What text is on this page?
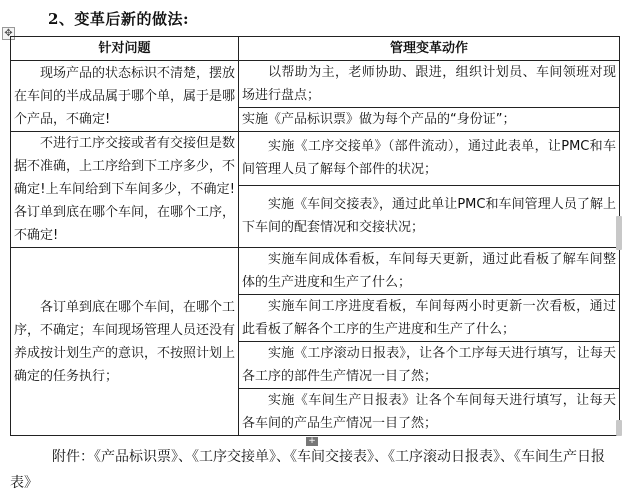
2、变革后新的做法:
✥
针对问题	管理变革动作

现场产品的状态标识不清楚，摆放在车间的半成品属于哪个单，属于是哪个产品，不确定!	以帮助为主，老师协助、跟进，组织计划员、车间领班对现场进行盘点；

	实施《产品标识票》做为每个产品的“身份证”；

不进行工序交接或者有交接但是数据不准确，上工序给到下工序多少，不确定!上车间给到下车间多少，不确定!各订单到底在哪个车间，在哪个工序，不确定!	实施《工序交接单》（部件流动），通过此表单，让PMC和车间管理人员了解每个部件的状况；

	实施《车间交接表》，通过此单让PMC和车间管理人员了解上下车间的配套情况和交接状况；

各订单到底在哪个车间，在哪个工序，不确定；车间现场管理人员还没有养成按计划生产的意识，不按照计划上确定的任务执行；	实施车间成体看板，车间每天更新，通过此看板了解车间整体的生产进度和生产了什么；

	实施车间工序进度看板，车间每两小时更新一次看板，通过此看板了解各个工序的生产进度和生产了什么；

	实施《工序滚动日报表》，让各个工序每天进行填写，让每天各工序的部件生产情况一目了然；

	实施《车间生产日报表》让各个车间每天进行填写，让每天各车间的产品生产情况一目了然；
+
附件：《产品标识票》、《工序交接单》、《车间交接表》、《工序滚动日报表》、《车间生产日报表》
